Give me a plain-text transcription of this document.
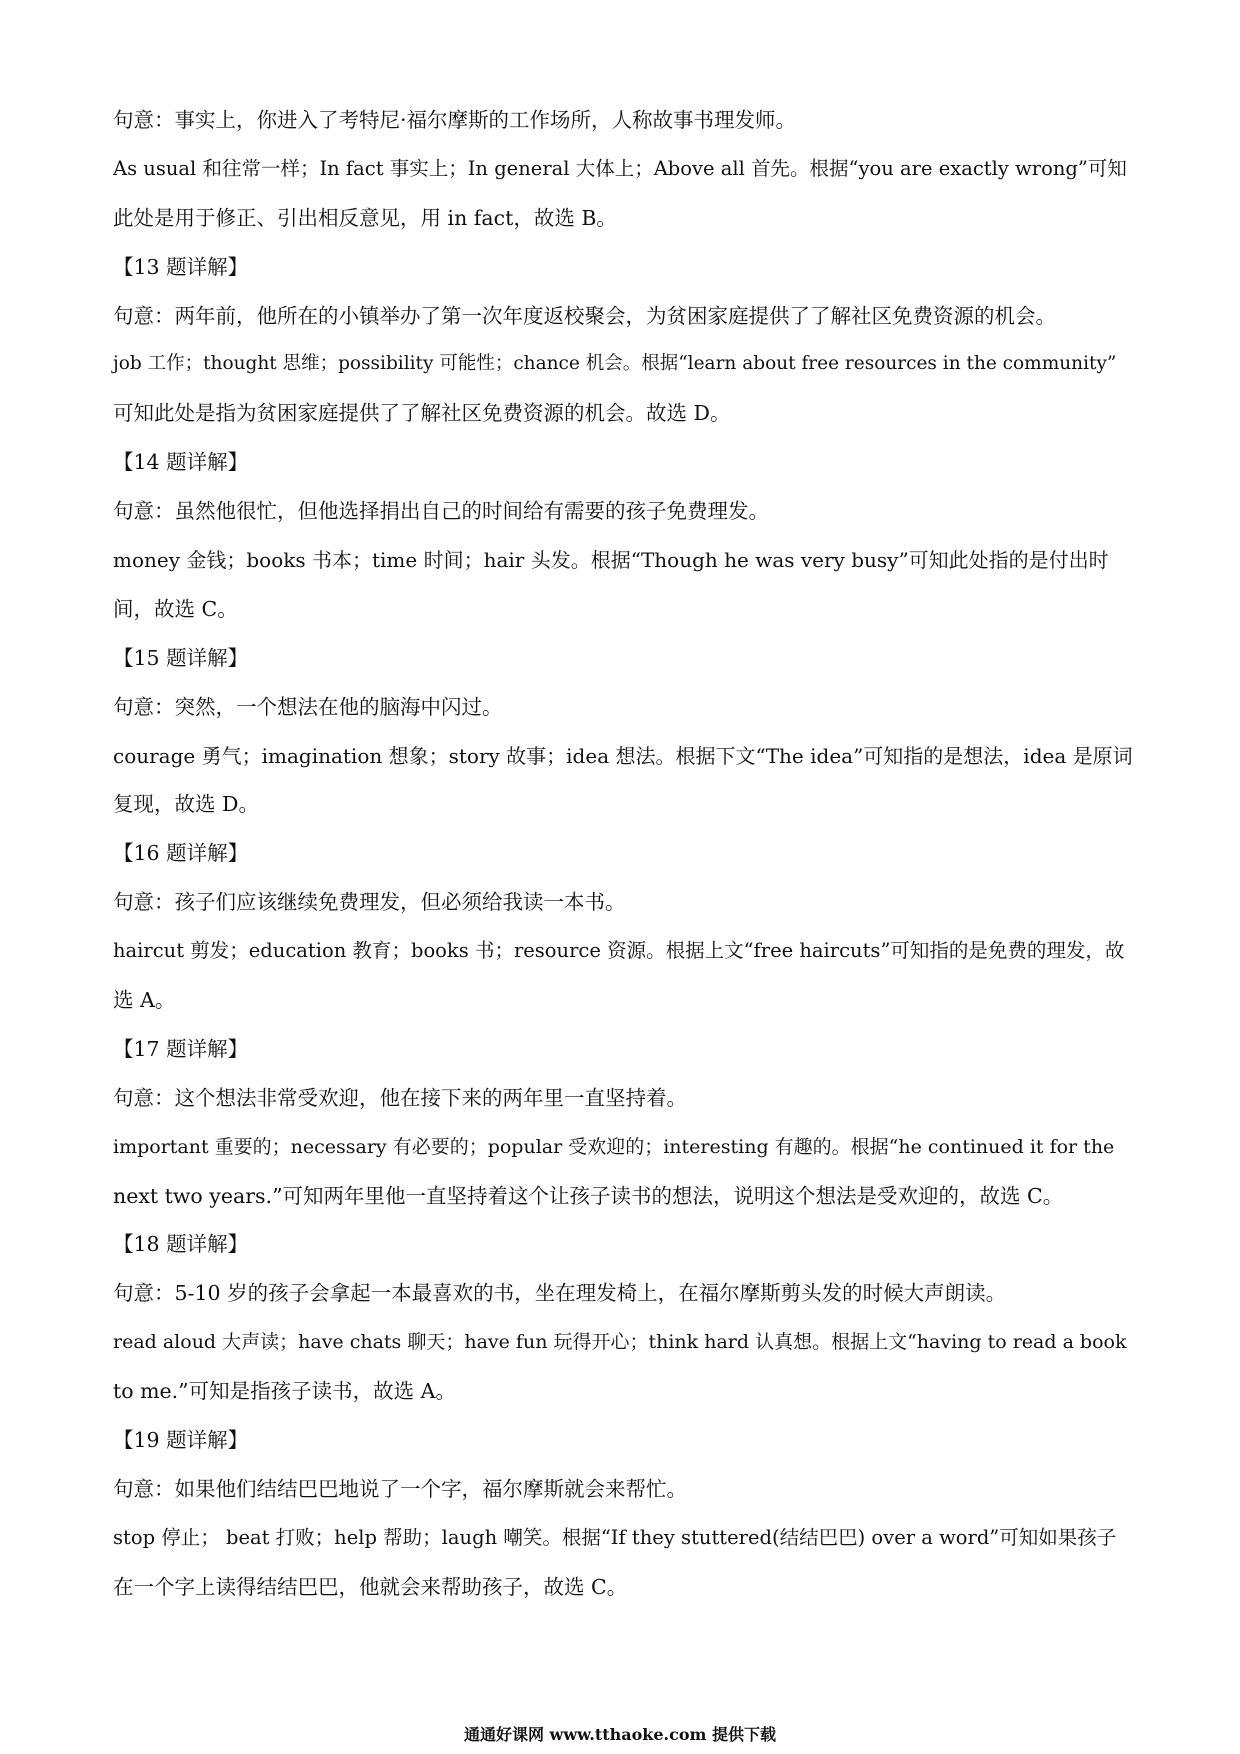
句意：事实上，你进入了考特尼·福尔摩斯的工作场所，人称故事书理发师。
As usual 和往常一样；In fact 事实上；In general 大体上；Above all 首先。根据“you are exactly wrong”可知
此处是用于修正、引出相反意见，用 in fact，故选 B。
【13 题详解】
句意：两年前，他所在的小镇举办了第一次年度返校聚会，为贫困家庭提供了了解社区免费资源的机会。
job 工作；thought 思维；possibility 可能性；chance 机会。根据“learn about free resources in the community”
可知此处是指为贫困家庭提供了了解社区免费资源的机会。故选 D。
【14 题详解】
句意：虽然他很忙，但他选择捐出自己的时间给有需要的孩子免费理发。
money 金钱；books 书本；time 时间；hair 头发。根据“Though he was very busy”可知此处指的是付出时
间，故选 C。
【15 题详解】
句意：突然，一个想法在他的脑海中闪过。
courage 勇气；imagination 想象；story 故事；idea 想法。根据下文“The idea”可知指的是想法，idea 是原词
复现，故选 D。
【16 题详解】
句意：孩子们应该继续免费理发，但必须给我读一本书。
haircut 剪发；education 教育；books 书；resource 资源。根据上文“free haircuts”可知指的是免费的理发，故
选 A。
【17 题详解】
句意：这个想法非常受欢迎，他在接下来的两年里一直坚持着。
important 重要的；necessary 有必要的；popular 受欢迎的；interesting 有趣的。根据“he continued it for the
next two years.”可知两年里他一直坚持着这个让孩子读书的想法，说明这个想法是受欢迎的，故选 C。
【18 题详解】
句意：5-10 岁的孩子会拿起一本最喜欢的书，坐在理发椅上，在福尔摩斯剪头发的时候大声朗读。
read aloud 大声读；have chats 聊天；have fun 玩得开心；think hard 认真想。根据上文“having to read a book
to me.”可知是指孩子读书，故选 A。
【19 题详解】
句意：如果他们结结巴巴地说了一个字，福尔摩斯就会来帮忙。
stop 停止； beat 打败；help 帮助；laugh 嘲笑。根据“If they stuttered(结结巴巴) over a word”可知如果孩子
在一个字上读得结结巴巴，他就会来帮助孩子，故选 C。
通通好课网 www.tthaoke.com 提供下载
